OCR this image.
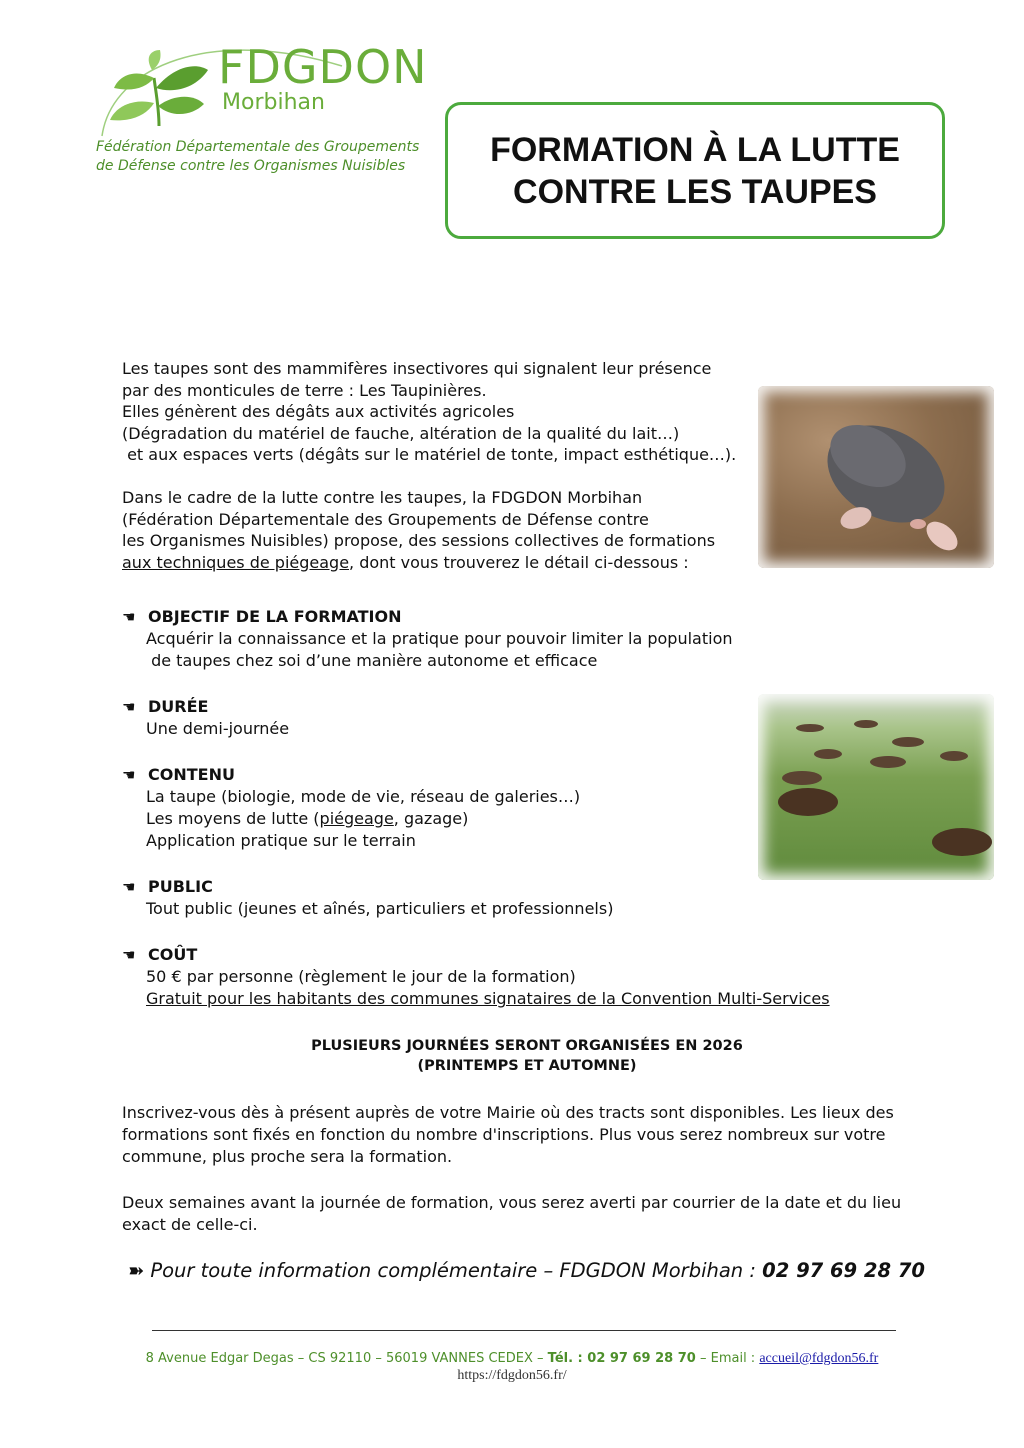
FDGDON
Morbihan
Fédération Départementale des Groupements
de Défense contre les Organismes Nuisibles FORMATION À LA LUTTE
CONTRE LES TAUPES
Les taupes sont des mammifères insectivores qui signalent leur présence
par des monticules de terre : Les Taupinières.
Elles génèrent des dégâts aux activités agricoles
(Dégradation du matériel de fauche, altération de la qualité du lait…)
et aux espaces verts (dégâts sur le matériel de tonte, impact esthétique…).
Dans le cadre de la lutte contre les taupes, la FDGDON Morbihan
(Fédération Départementale des Groupements de Défense contre
les Organismes Nuisibles) propose, des sessions collectives de formations
aux techniques de piégeage, dont vous trouverez le détail ci-dessous :
☚ OBJECTIF DE LA FORMATION
Acquérir la connaissance et la pratique pour pouvoir limiter la population
de taupes chez soi d’une manière autonome et efficace
☚ DURÉE
Une demi-journée
☚ CONTENU
La taupe (biologie, mode de vie, réseau de galeries…)
Les moyens de lutte (piégeage, gazage)
Application pratique sur le terrain
☚ PUBLIC
Tout public (jeunes et aînés, particuliers et professionnels)
☚ COÛT
50 € par personne (règlement le jour de la formation)
Gratuit pour les habitants des communes signataires de la Convention Multi-Services
PLUSIEURS JOURNÉES SERONT ORGANISÉES EN 2026
(PRINTEMPS ET AUTOMNE)
Inscrivez-vous dès à présent auprès de votre Mairie où des tracts sont disponibles. Les lieux des
formations sont fixés en fonction du nombre d'inscriptions. Plus vous serez nombreux sur votre
commune, plus proche sera la formation.
Deux semaines avant la journée de formation, vous serez averti par courrier de la date et du lieu
exact de celle-ci.
➽ Pour toute information complémentaire – FDGDON Morbihan : 02 97 69 28 70
8 Avenue Edgar Degas – CS 92110 – 56019 VANNES CEDEX – Tél. : 02 97 69 28 70 – Email : accueil@fdgdon56.fr
https://fdgdon56.fr/
